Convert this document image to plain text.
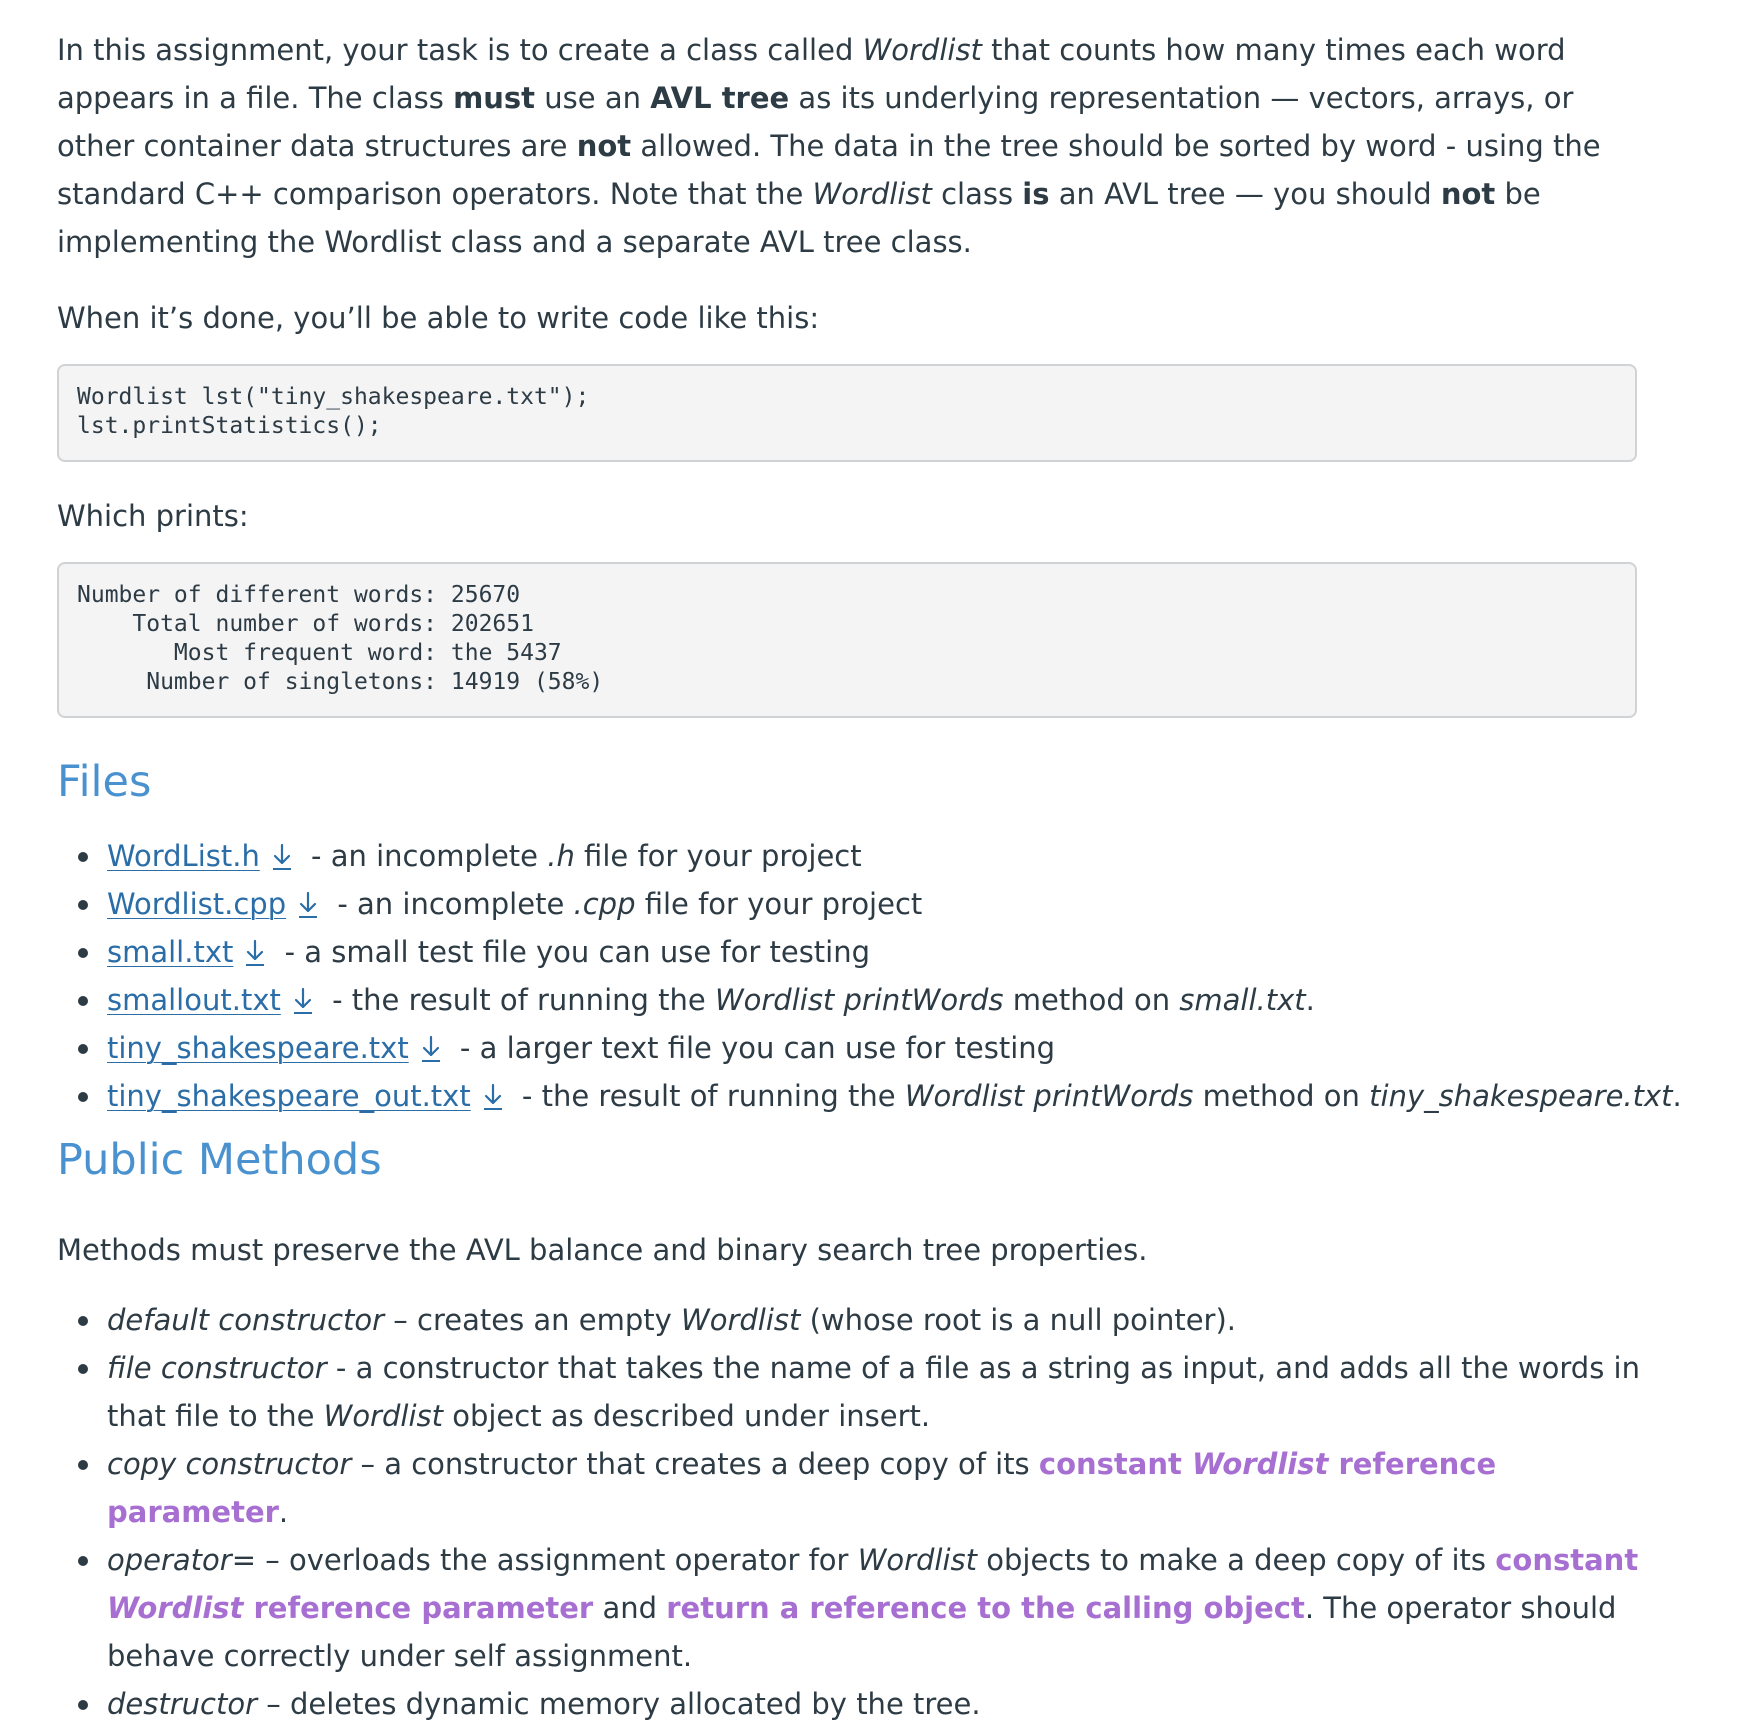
In this assignment, your task is to create a class called Wordlist that counts how many times each word appears in a file. The class must use an AVL tree as its underlying representation — vectors, arrays, or other container data structures are not allowed. The data in the tree should be sorted by word - using the standard C++ comparison operators. Note that the Wordlist class is an AVL tree — you should not be implementing the Wordlist class and a separate AVL tree class.

When it’s done, you’ll be able to write code like this:

Wordlist lst("tiny_shakespeare.txt");
lst.printStatistics();

Which prints:

Number of different words: 25670
Total number of words: 202651
Most frequent word: the 5437
Number of singletons: 14919 (58%)
Files
WordList.h - an incomplete .h file for your project
Wordlist.cpp - an incomplete .cpp file for your project
small.txt - a small test file you can use for testing
smallout.txt - the result of running the Wordlist printWords method on small.txt.
tiny_shakespeare.txt - a larger text file you can use for testing
tiny_shakespeare_out.txt - the result of running the Wordlist printWords method on tiny_shakespeare.txt.
Public Methods

Methods must preserve the AVL balance and binary search tree properties.

default constructor – creates an empty Wordlist (whose root is a null pointer).
file constructor - a constructor that takes the name of a file as a string as input, and adds all the words in that file to the Wordlist object as described under insert.
copy constructor – a constructor that creates a deep copy of its constant Wordlist reference parameter.
operator= – overloads the assignment operator for Wordlist objects to make a deep copy of its constant Wordlist reference parameter and return a reference to the calling object. The operator should behave correctly under self assignment.
destructor – deletes dynamic memory allocated by the tree.
